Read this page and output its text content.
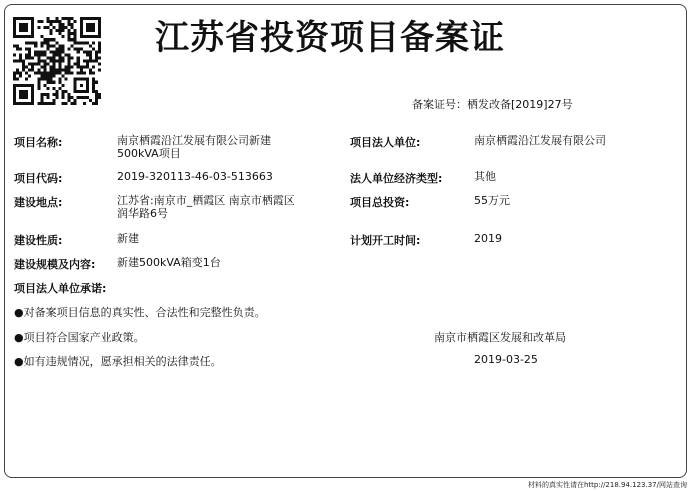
江苏省投资项目备案证
备案证号：栖发改备[2019]27号
项目名称:	南京栖霞沿江发展有限公司新建
500kVA项目
项目法人单位:	南京栖霞沿江发展有限公司
项目代码:	2019-320113-46-03-513663	法人单位经济类型:	其他
建设地点:	江苏省:南京市_栖霞区 南京市栖霞区
润华路6号
项目总投资:	55万元
建设性质:	新建	计划开工时间:	2019
建设规模及内容: 新建500kVA箱变1台
项目法人单位承诺:
●对备案项目信息的真实性、合法性和完整性负责。
●项目符合国家产业政策。
●如有违规情况，愿承担相关的法律责任。
南京市栖霞区发展和改革局
2019-03-25
材料的真实性请在http://218.94.123.37/网站查询
